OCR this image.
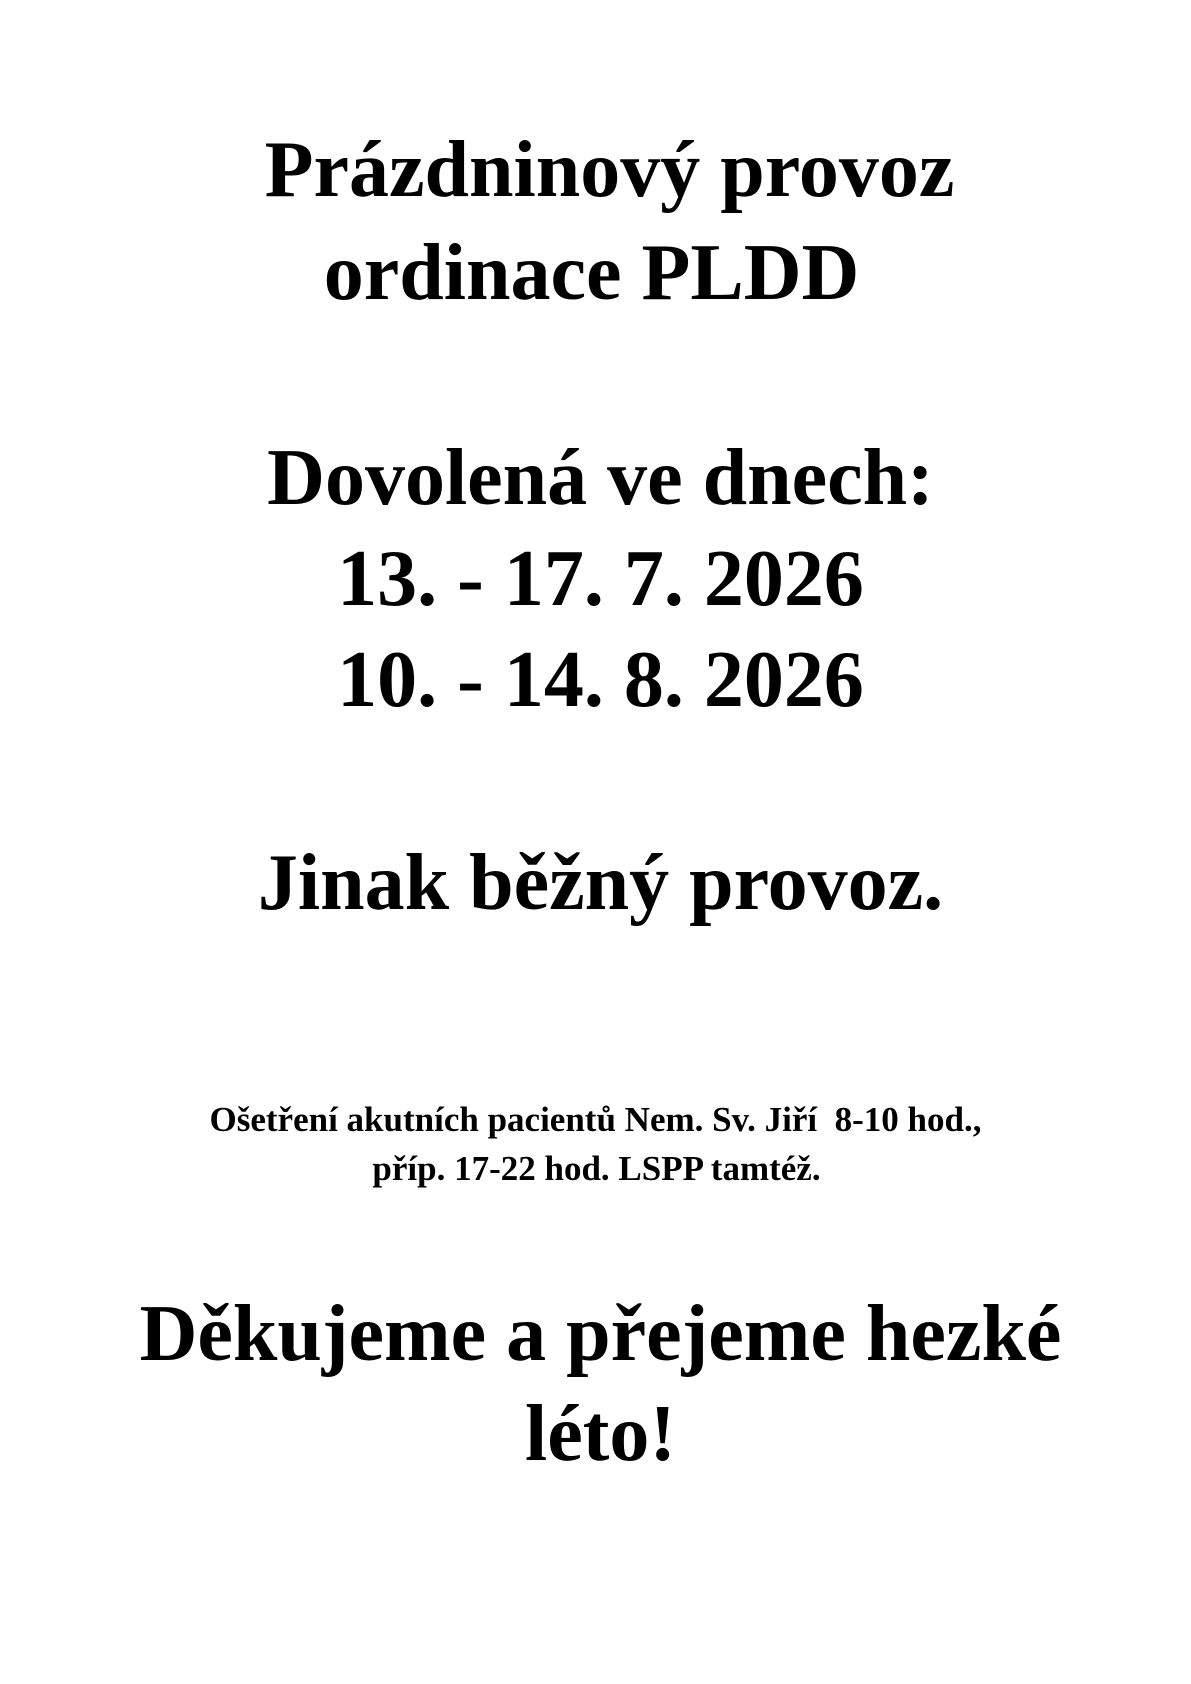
Prázdninový provoz
ordinace PLDD
Dovolená ve dnech:

13. - 17. 7. 2026

10. - 14. 8. 2026

Jinak běžný provoz.

Ošetření akutních pacientů Nem. Sv. Jiří  8-10 hod.,

příp. 17-22 hod. LSPP tamtéž.

Děkujeme a přejeme hezké

léto!
